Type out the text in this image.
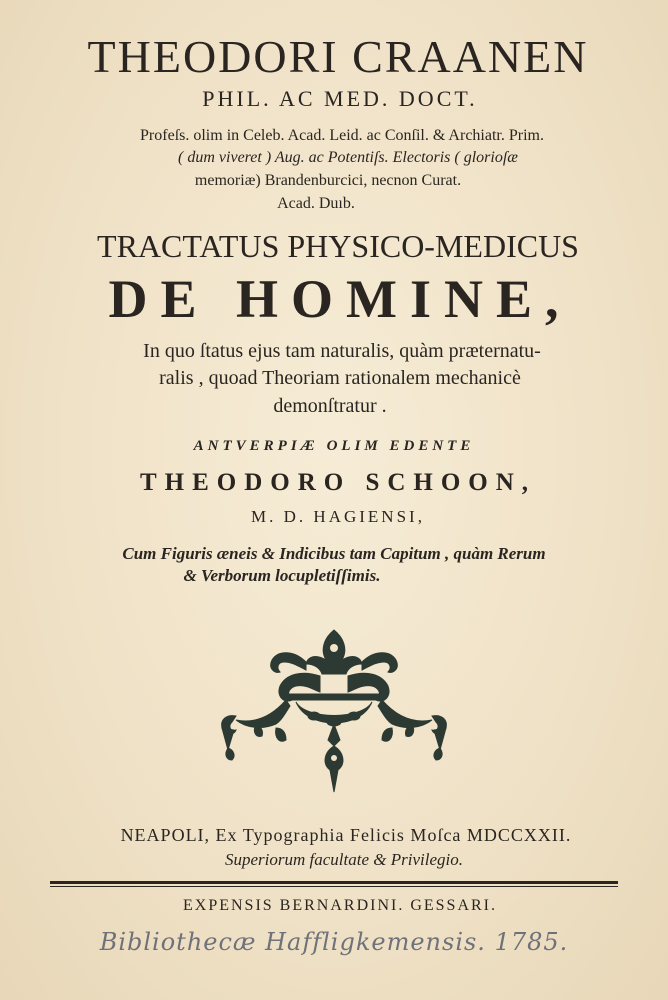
THEODORI CRAANEN
PHIL. AC MED. DOCT.
Profeſs. olim in Celeb. Acad. Leid. ac Conſil. & Archiatr. Prim.
( dum viveret ) Aug. ac Potentiſs. Electoris ( glorioſæ
memoriæ) Brandenburcici, necnon Curat.
Acad. Duıb.
TRACTATUS PHYSICO-MEDICUS
DE HOMINE,
In quo ſtatus ejus tam naturalis, quàm præternatu-
ralis , quoad Theoriam rationalem mechanicè
demonſtratur .
ANTVERPIÆ OLIM EDENTE
THEODORO SCHOON,
M. D. HAGIENSI,
Cum Figuris æneis & Indicibus tam Capitum , quàm Rerum
& Verborum locupletiſſimis.
NEAPOLI, Ex Typographia Felicis Moſca MDCCXXII.
Superiorum facultate & Privilegio.
EXPENSIS BERNARDINI. GESSARI.
Bibliothecæ Haffligkemensis. 1785.
